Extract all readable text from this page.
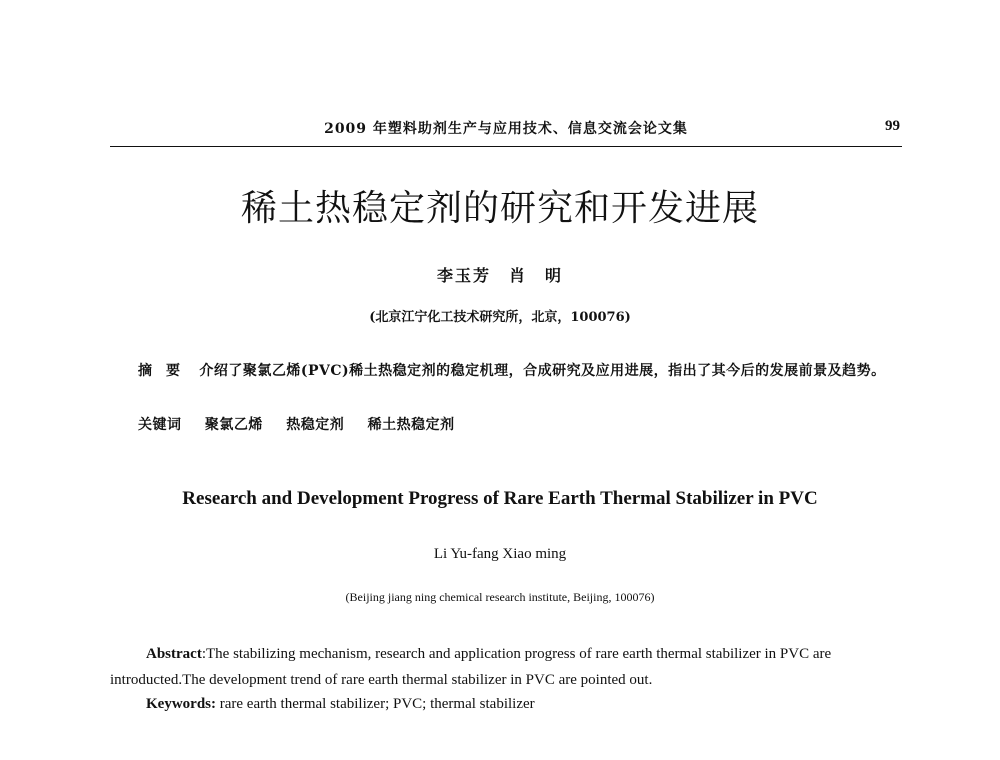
2009 年塑料助剂生产与应用技术、信息交流会论文集	99
稀土热稳定剂的研究和开发进展
李玉芳　肖　明
(北京江宁化工技术研究所，北京，100076)
摘要 介绍了聚氯乙烯(PVC)稀土热稳定剂的稳定机理，合成研究及应用进展，指出了其今后的发展前景及趋势。
关键词 聚氯乙烯 热稳定剂 稀土热稳定剂
Research and Development Progress of Rare Earth Thermal Stabilizer in PVC
Li Yu-fang Xiao ming
(Beijing jiang ning chemical research institute, Beijing, 100076)
Abstract:The stabilizing mechanism, research and application progress of rare earth thermal stabilizer in PVC are introducted.The development trend of rare earth thermal stabilizer in PVC are pointed out.
Keywords: rare earth thermal stabilizer; PVC; thermal stabilizer
